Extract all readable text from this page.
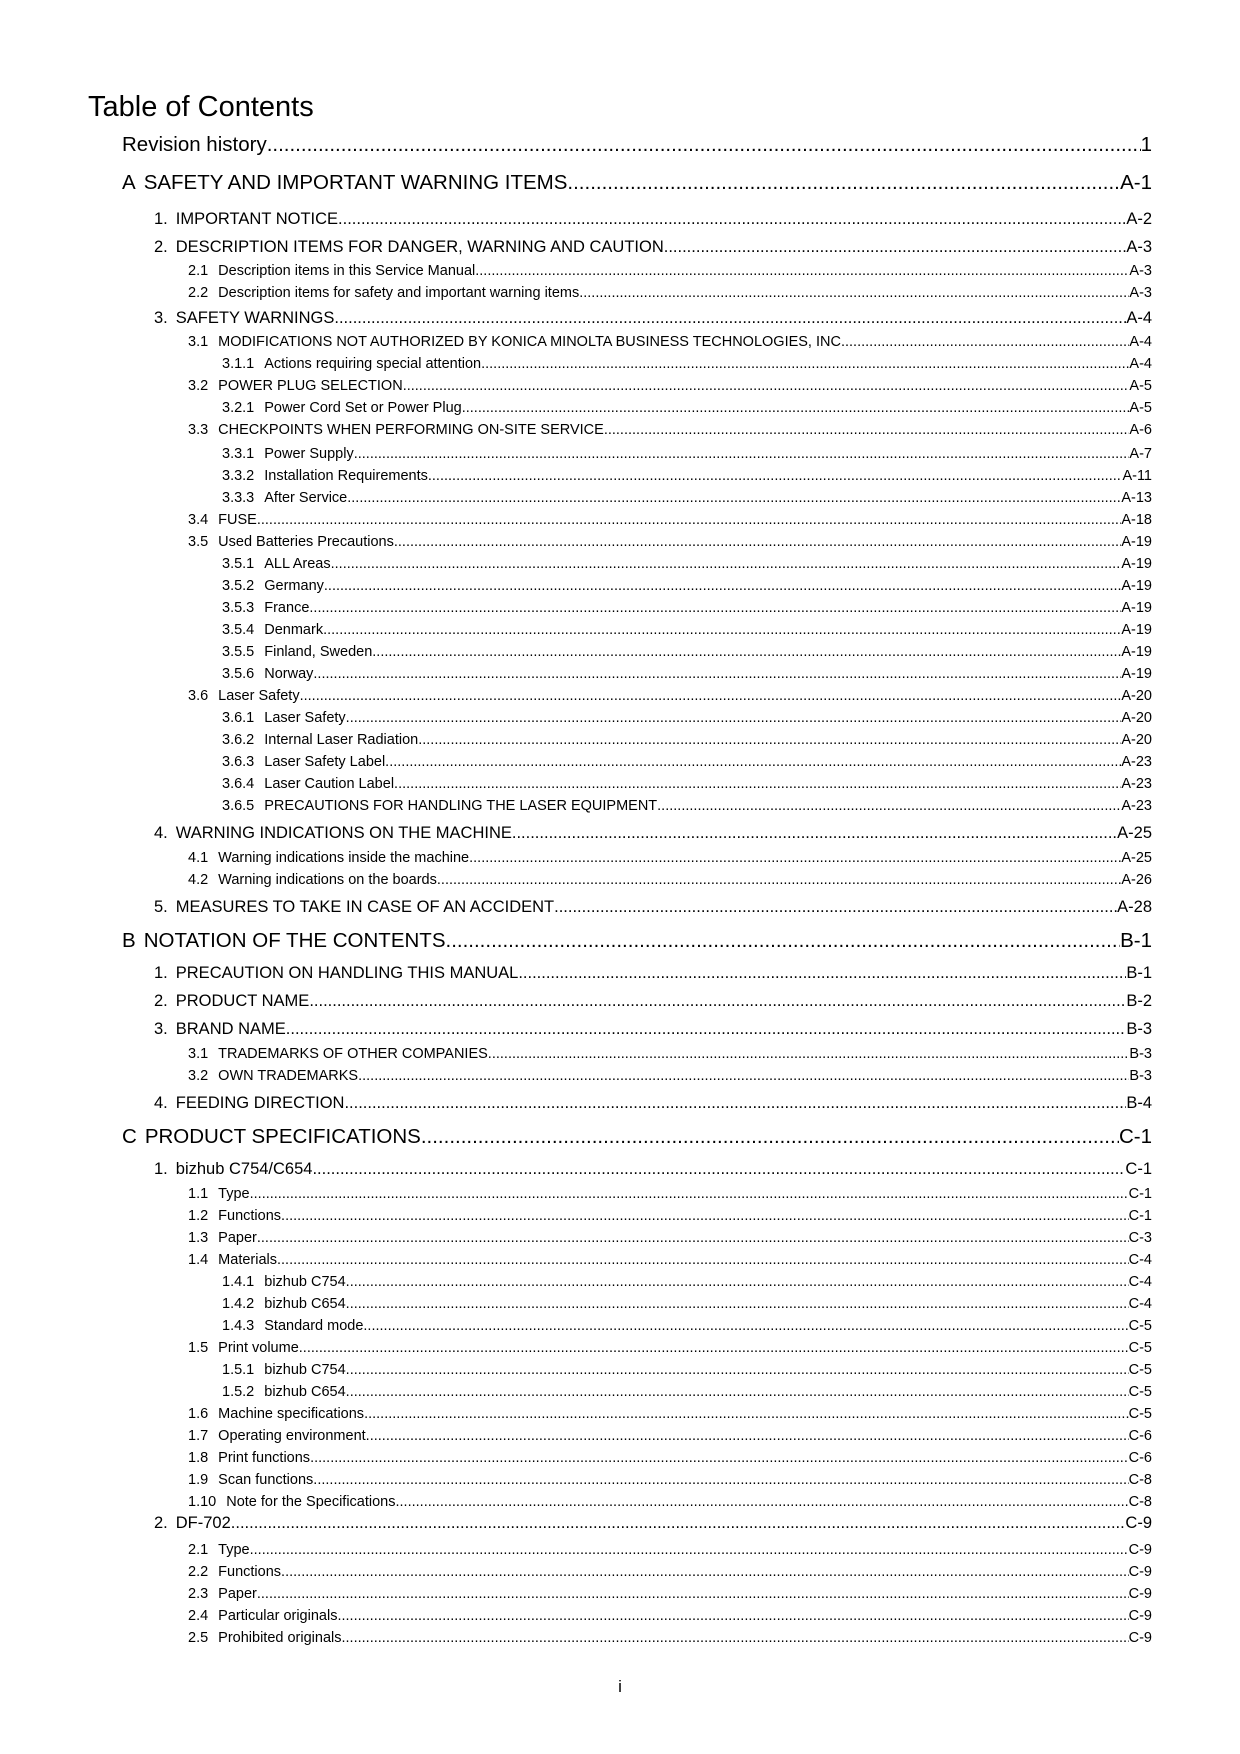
Table of Contents
Revision history .....	1
A SAFETY AND IMPORTANT WARNING ITEMS .....	A-1
1. IMPORTANT NOTICE .....	A-2
2. DESCRIPTION ITEMS FOR DANGER, WARNING AND CAUTION .....	A-3
2.1 Description items in this Service Manual .....	A-3
2.2 Description items for safety and important warning items .....	A-3
3. SAFETY WARNINGS .....	A-4
3.1 MODIFICATIONS NOT AUTHORIZED BY KONICA MINOLTA BUSINESS TECHNOLOGIES, INC .....	A-4
3.1.1 Actions requiring special attention .....	A-4
3.2 POWER PLUG SELECTION .....	A-5
3.2.1 Power Cord Set or Power Plug .....	A-5
3.3 CHECKPOINTS WHEN PERFORMING ON-SITE SERVICE .....	A-6
3.3.1 Power Supply .....	A-7
3.3.2 Installation Requirements .....	A-11
3.3.3 After Service .....	A-13
3.4 FUSE .....	A-18
3.5 Used Batteries Precautions .....	A-19
3.5.1 ALL Areas .....	A-19
3.5.2 Germany .....	A-19
3.5.3 France .....	A-19
3.5.4 Denmark .....	A-19
3.5.5 Finland, Sweden .....	A-19
3.5.6 Norway .....	A-19
3.6 Laser Safety .....	A-20
3.6.1 Laser Safety .....	A-20
3.6.2 Internal Laser Radiation .....	A-20
3.6.3 Laser Safety Label .....	A-23
3.6.4 Laser Caution Label .....	A-23
3.6.5 PRECAUTIONS FOR HANDLING THE LASER EQUIPMENT .....	A-23
4. WARNING INDICATIONS ON THE MACHINE .....	A-25
4.1 Warning indications inside the machine .....	A-25
4.2 Warning indications on the boards .....	A-26
5. MEASURES TO TAKE IN CASE OF AN ACCIDENT .....	A-28
B NOTATION OF THE CONTENTS .....	B-1
1. PRECAUTION ON HANDLING THIS MANUAL .....	B-1
2. PRODUCT NAME .....	B-2
3. BRAND NAME .....	B-3
3.1 TRADEMARKS OF OTHER COMPANIES .....	B-3
3.2 OWN TRADEMARKS .....	B-3
4. FEEDING DIRECTION .....	B-4
C PRODUCT SPECIFICATIONS .....	C-1
1. bizhub C754/C654 .....	C-1
1.1 Type .....	C-1
1.2 Functions .....	C-1
1.3 Paper .....	C-3
1.4 Materials .....	C-4
1.4.1 bizhub C754 .....	C-4
1.4.2 bizhub C654 .....	C-4
1.4.3 Standard mode .....	C-5
1.5 Print volume .....	C-5
1.5.1 bizhub C754 .....	C-5
1.5.2 bizhub C654 .....	C-5
1.6 Machine specifications .....	C-5
1.7 Operating environment .....	C-6
1.8 Print functions .....	C-6
1.9 Scan functions .....	C-8
1.10 Note for the Specifications .....	C-8
2. DF-702 .....	C-9
2.1 Type .....	C-9
2.2 Functions .....	C-9
2.3 Paper .....	C-9
2.4 Particular originals .....	C-9
2.5 Prohibited originals .....	C-9
i
